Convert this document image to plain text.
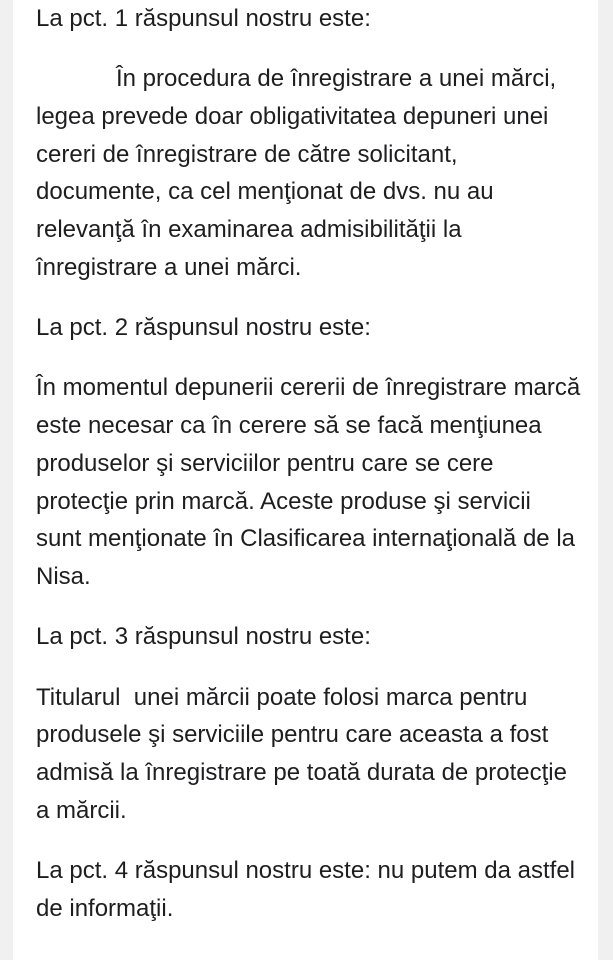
La pct. 1 răspunsul nostru este:
În procedura de înregistrare a unei mărci,
legea prevede doar obligativitatea depuneri unei
cereri de înregistrare de către solicitant,
documente, ca cel menţionat de dvs. nu au
relevanţă în examinarea admisibilităţii la
înregistrare a unei mărci.
La pct. 2 răspunsul nostru este:
În momentul depunerii cererii de înregistrare marcă
este necesar ca în cerere să se facă menţiunea
produselor şi serviciilor pentru care se cere
protecţie prin marcă. Aceste produse şi servicii
sunt menţionate în Clasificarea internaţională de la
Nisa.
La pct. 3 răspunsul nostru este:
Titularul  unei mărcii poate folosi marca pentru
produsele şi serviciile pentru care aceasta a fost
admisă la înregistrare pe toată durata de protecţie
a mărcii.
La pct. 4 răspunsul nostru este: nu putem da astfel
de informaţii.
